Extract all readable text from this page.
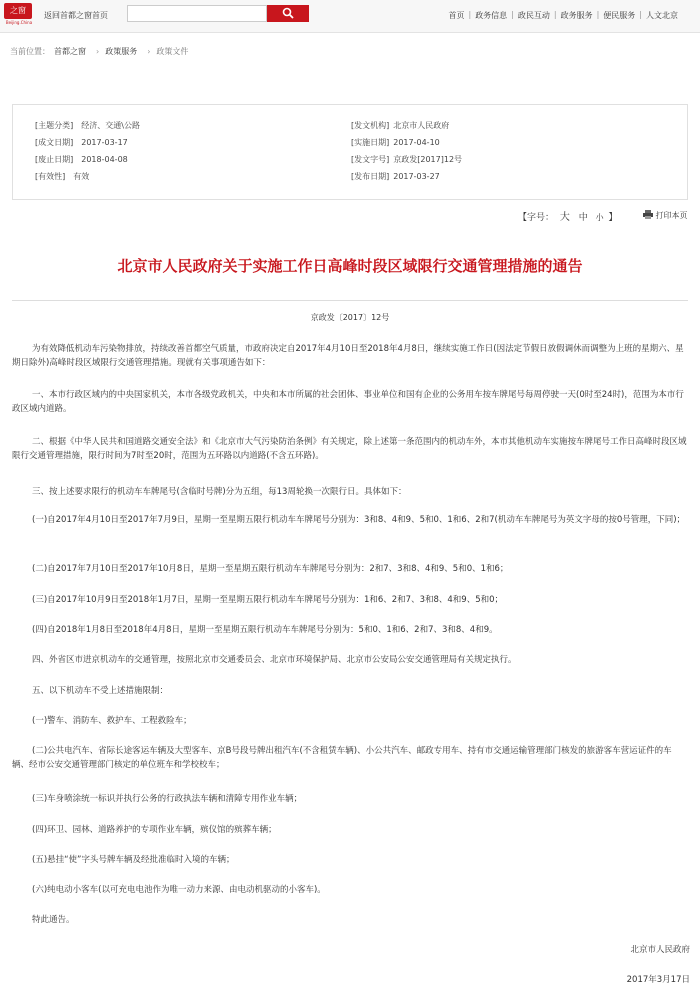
之窗
Beijing.China
返回首都之窗首页	首页 | 政务信息 | 政民互动 | 政务服务 | 便民服务 | 人文北京
当前位置： 首都之窗 › 政策服务 › 政策文件
[主题分类] 经济、交通\公路
[成文日期] 2017-03-17
[废止日期] 2018-04-08
[有效性] 有效
[发文机构] 北京市人民政府
[实施日期] 2017-04-10
[发文字号] 京政发[2017]12号
[发布日期] 2017-03-27
【字号： 大 中 小 】	打印本页
北京市人民政府关于实施工作日高峰时段区域限行交通管理措施的通告
京政发〔2017〕12号
为有效降低机动车污染物排放，持续改善首都空气质量，市政府决定自2017年4月10日至2018年4月8日，继续实施工作日(因法定节假日放假调休而调整为上班的星期六、星期日除外)高峰时段区域限行交通管理措施。现就有关事项通告如下：
一、本市行政区域内的中央国家机关，本市各级党政机关，中央和本市所属的社会团体、事业单位和国有企业的公务用车按车牌尾号每周停驶一天(0时至24时)，范围为本市行政区域内道路。
二、根据《中华人民共和国道路交通安全法》和《北京市大气污染防治条例》有关规定，除上述第一条范围内的机动车外，本市其他机动车实施按车牌尾号工作日高峰时段区域限行交通管理措施，限行时间为7时至20时，范围为五环路以内道路(不含五环路)。
三、按上述要求限行的机动车车牌尾号(含临时号牌)分为五组，每13周轮换一次限行日。具体如下：
(一)自2017年4月10日至2017年7月9日，星期一至星期五限行机动车车牌尾号分别为：3和8、4和9、5和0、1和6、2和7(机动车车牌尾号为英文字母的按0号管理，下同)；
(二)自2017年7月10日至2017年10月8日，星期一至星期五限行机动车车牌尾号分别为：2和7、3和8、4和9、5和0、1和6；
(三)自2017年10月9日至2018年1月7日，星期一至星期五限行机动车车牌尾号分别为：1和6、2和7、3和8、4和9、5和0；
(四)自2018年1月8日至2018年4月8日，星期一至星期五限行机动车车牌尾号分别为：5和0、1和6、2和7、3和8、4和9。
四、外省区市进京机动车的交通管理，按照北京市交通委员会、北京市环境保护局、北京市公安局公安交通管理局有关规定执行。
五、以下机动车不受上述措施限制：
(一)警车、消防车、救护车、工程救险车；
(二)公共电汽车、省际长途客运车辆及大型客车、京B号段号牌出租汽车(不含租赁车辆)、小公共汽车、邮政专用车、持有市交通运输管理部门核发的旅游客车营运证件的车辆、经市公安交通管理部门核定的单位班车和学校校车；
(三)车身喷涂统一标识并执行公务的行政执法车辆和清障专用作业车辆；
(四)环卫、园林、道路养护的专项作业车辆，殡仪馆的殡葬车辆；
(五)悬挂“使”字头号牌车辆及经批准临时入境的车辆；
(六)纯电动小客车(以可充电电池作为唯一动力来源、由电动机驱动的小客车)。
特此通告。
北京市人民政府
2017年3月17日
